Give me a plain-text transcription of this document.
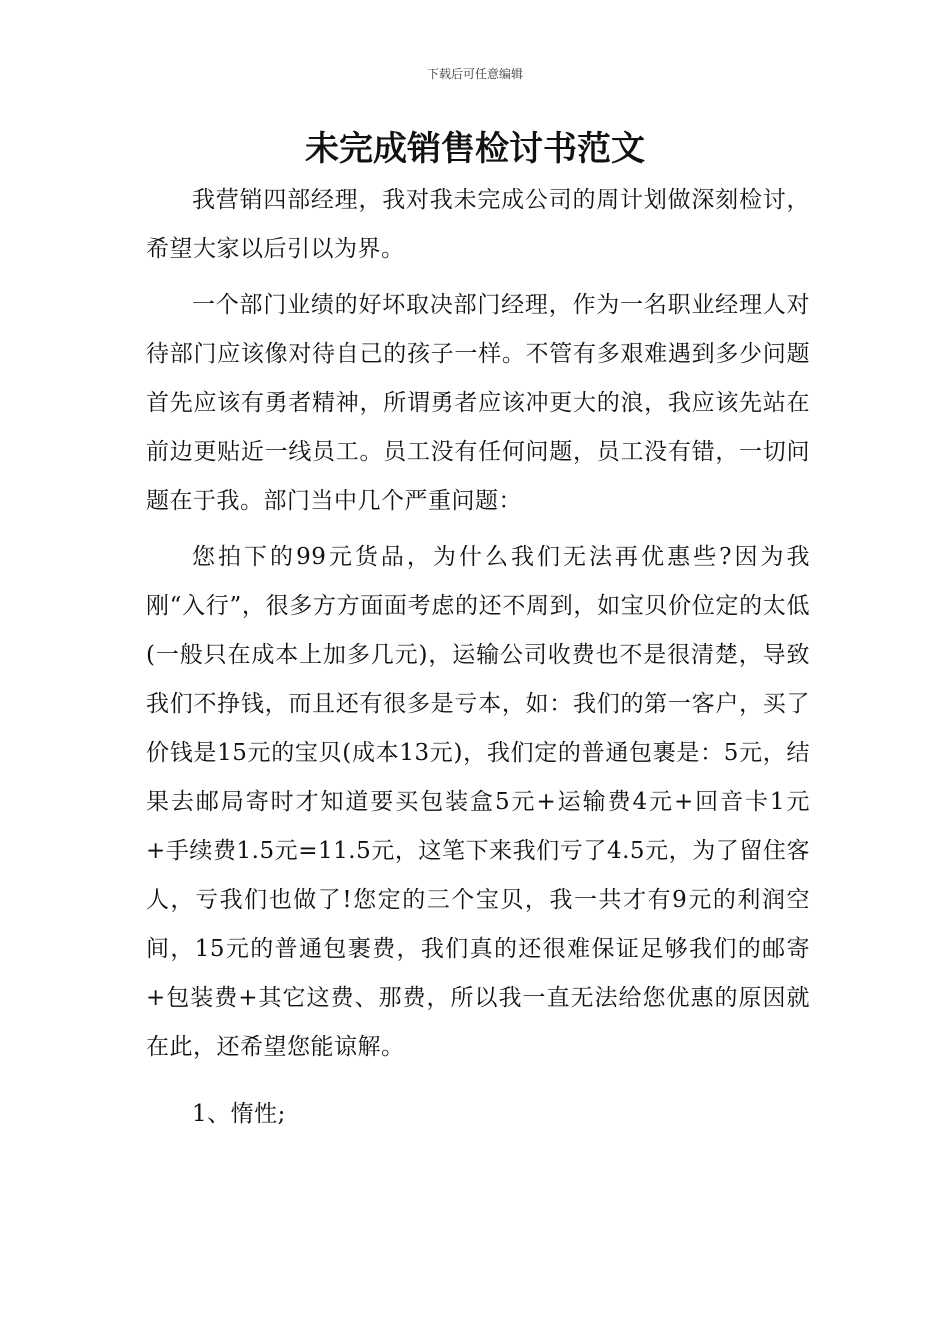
下载后可任意编辑
未完成销售检讨书范文

我营销四部经理，我对我未完成公司的周计划做深刻检讨，希望大家以后引以为界。

一个部门业绩的好坏取决部门经理，作为一名职业经理人对待部门应该像对待自己的孩子一样。不管有多艰难遇到多少问题首先应该有勇者精神，所谓勇者应该冲更大的浪，我应该先站在前边更贴近一线员工。员工没有任何问题，员工没有错，一切问题在于我。部门当中几个严重问题：

您拍下的99元货品，为什么我们无法再优惠些?因为我刚“入行”，很多方方面面考虑的还不周到，如宝贝价位定的太低(一般只在成本上加多几元)，运输公司收费也不是很清楚，导致我们不挣钱，而且还有很多是亏本，如：我们的第一客户，买了价钱是15元的宝贝(成本13元)，我们定的普通包裹是：5元，结果去邮局寄时才知道要买包装盒5元+运输费4元+回音卡1元+手续费1.5元=11.5元，这笔下来我们亏了4.5元，为了留住客人，亏我们也做了!您定的三个宝贝，我一共才有9元的利润空间，15元的普通包裹费，我们真的还很难保证足够我们的邮寄+包装费+其它这费、那费，所以我一直无法给您优惠的原因就在此，还希望您能谅解。

1、惰性;
